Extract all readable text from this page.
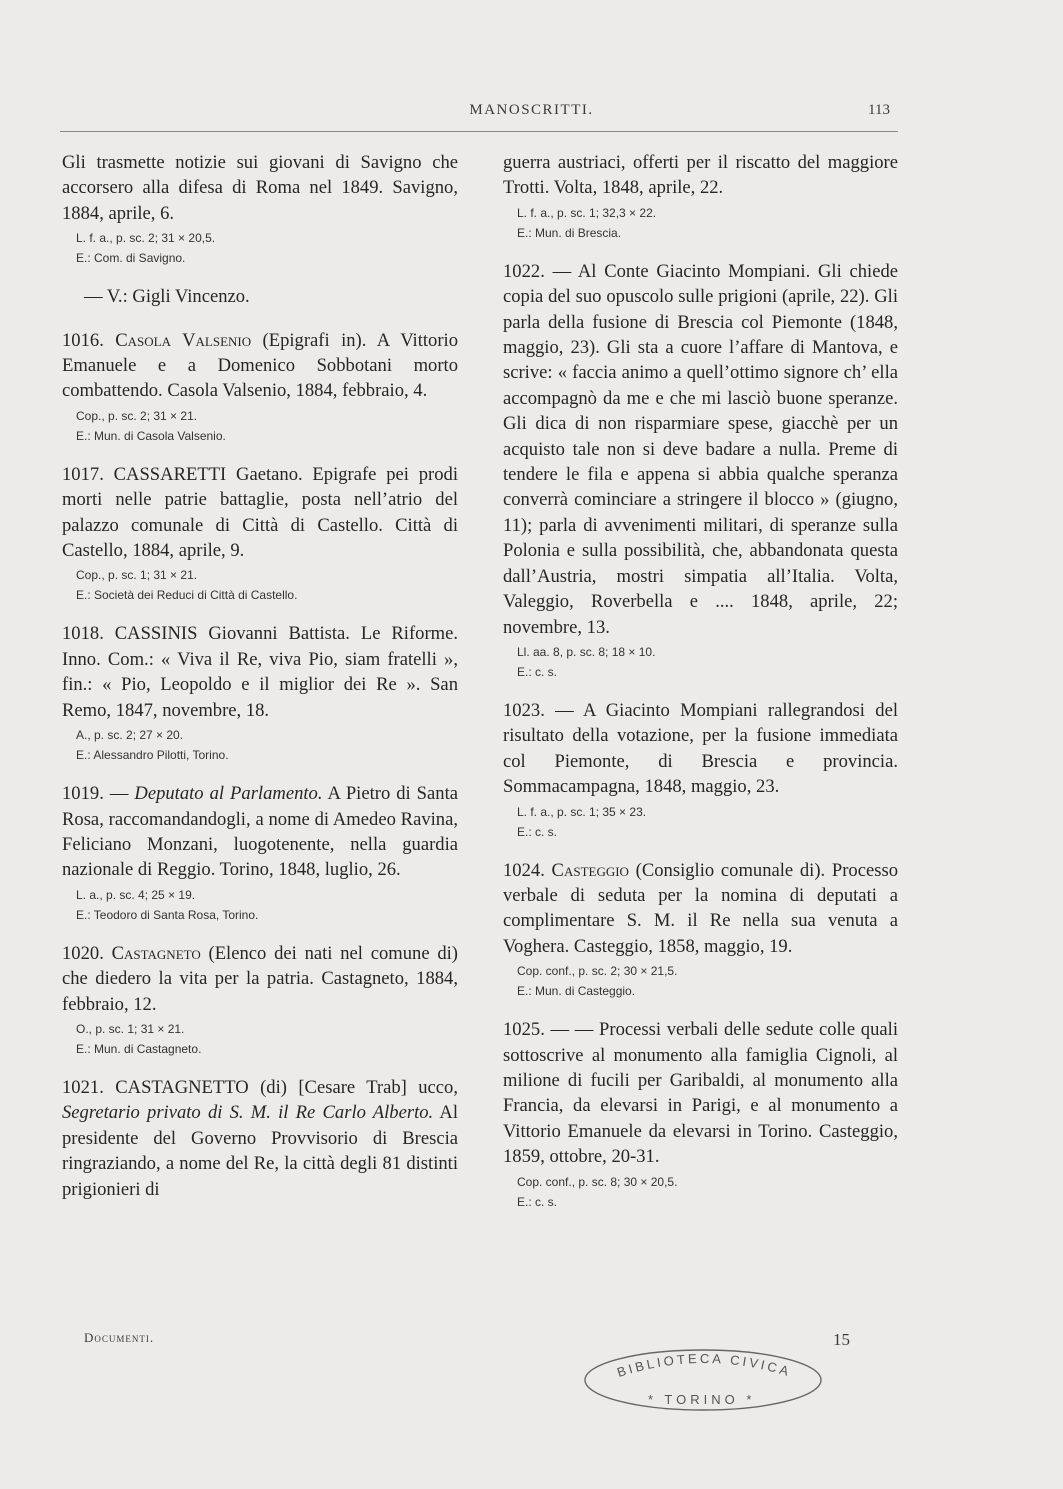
MANOSCRITTI.	113

Gli trasmette notizie sui giovani di Savigno che accorsero alla difesa di Roma nel 1849. Savigno, 1884, aprile, 6.

L. f. a., p. sc. 2; 31 × 20,5.
E.: Com. di Savigno.

— V.: Gigli Vincenzo.

1016. Casola Valsenio (Epigrafi in). A Vittorio Emanuele e a Domenico Sobbotani morto combattendo. Casola Valsenio, 1884, febbraio, 4.

Cop., p. sc. 2; 31 × 21.
E.: Mun. di Casola Valsenio.

1017. CASSARETTI Gaetano. Epigrafe pei prodi morti nelle patrie battaglie, posta nell’atrio del palazzo comunale di Città di Castello. Città di Castello, 1884, aprile, 9.

Cop., p. sc. 1; 31 × 21.
E.: Società dei Reduci di Città di Castello.

1018. CASSINIS Giovanni Battista. Le Riforme. Inno. Com.: « Viva il Re, viva Pio, siam fratelli », fin.: « Pio, Leopoldo e il miglior dei Re ». San Remo, 1847, novembre, 18.

A., p. sc. 2; 27 × 20.
E.: Alessandro Pilotti, Torino.

1019. — Deputato al Parlamento. A Pietro di Santa Rosa, raccomandandogli, a nome di Amedeo Ravina, Feliciano Monzani, luogotenente, nella guardia nazionale di Reggio. Torino, 1848, luglio, 26.

L. a., p. sc. 4; 25 × 19.
E.: Teodoro di Santa Rosa, Torino.

1020. Castagneto (Elenco dei nati nel comune di) che diedero la vita per la patria. Castagneto, 1884, febbraio, 12.

O., p. sc. 1; 31 × 21.
E.: Mun. di Castagneto.

1021. CASTAGNETTO (di) [Cesare Trab] ucco, Segretario privato di S. M. il Re Carlo Alberto. Al presidente del Governo Provvisorio di Brescia ringraziando, a nome del Re, la città degli 81 distinti prigionieri di

guerra austriaci, offerti per il riscatto del maggiore Trotti. Volta, 1848, aprile, 22.

L. f. a., p. sc. 1; 32,3 × 22.
E.: Mun. di Brescia.

1022. — Al Conte Giacinto Mompiani. Gli chiede copia del suo opuscolo sulle prigioni (aprile, 22). Gli parla della fusione di Brescia col Piemonte (1848, maggio, 23). Gli sta a cuore l’affare di Mantova, e scrive: « faccia animo a quell’ottimo signore ch’ ella accompagnò da me e che mi lasciò buone speranze. Gli dica di non risparmiare spese, giacchè per un acquisto tale non si deve badare a nulla. Preme di tendere le fila e appena si abbia qualche speranza converrà cominciare a stringere il blocco » (giugno, 11); parla di avvenimenti militari, di speranze sulla Polonia e sulla possibilità, che, abbandonata questa dall’Austria, mostri simpatia all’Italia. Volta, Valeggio, Roverbella e .... 1848, aprile, 22; novembre, 13.

Ll. aa. 8, p. sc. 8; 18 × 10.
E.: c. s.

1023. — A Giacinto Mompiani rallegrandosi del risultato della votazione, per la fusione immediata col Piemonte, di Brescia e provincia. Sommacampagna, 1848, maggio, 23.

L. f. a., p. sc. 1; 35 × 23.
E.: c. s.

1024. Casteggio (Consiglio comunale di). Processo verbale di seduta per la nomina di deputati a complimentare S. M. il Re nella sua venuta a Voghera. Casteggio, 1858, maggio, 19.

Cop. conf., p. sc. 2; 30 × 21,5.
E.: Mun. di Casteggio.

1025. — — Processi verbali delle sedute colle quali sottoscrive al monumento alla famiglia Cignoli, al milione di fucili per Garibaldi, al monumento alla Francia, da elevarsi in Parigi, e al monumento a Vittorio Emanuele da elevarsi in Torino. Casteggio, 1859, ottobre, 20-31.

Cop. conf., p. sc. 8; 30 × 20,5.
E.: c. s.
Documenti.	15
BIBLIOTECA CIVICA
* TORINO *
